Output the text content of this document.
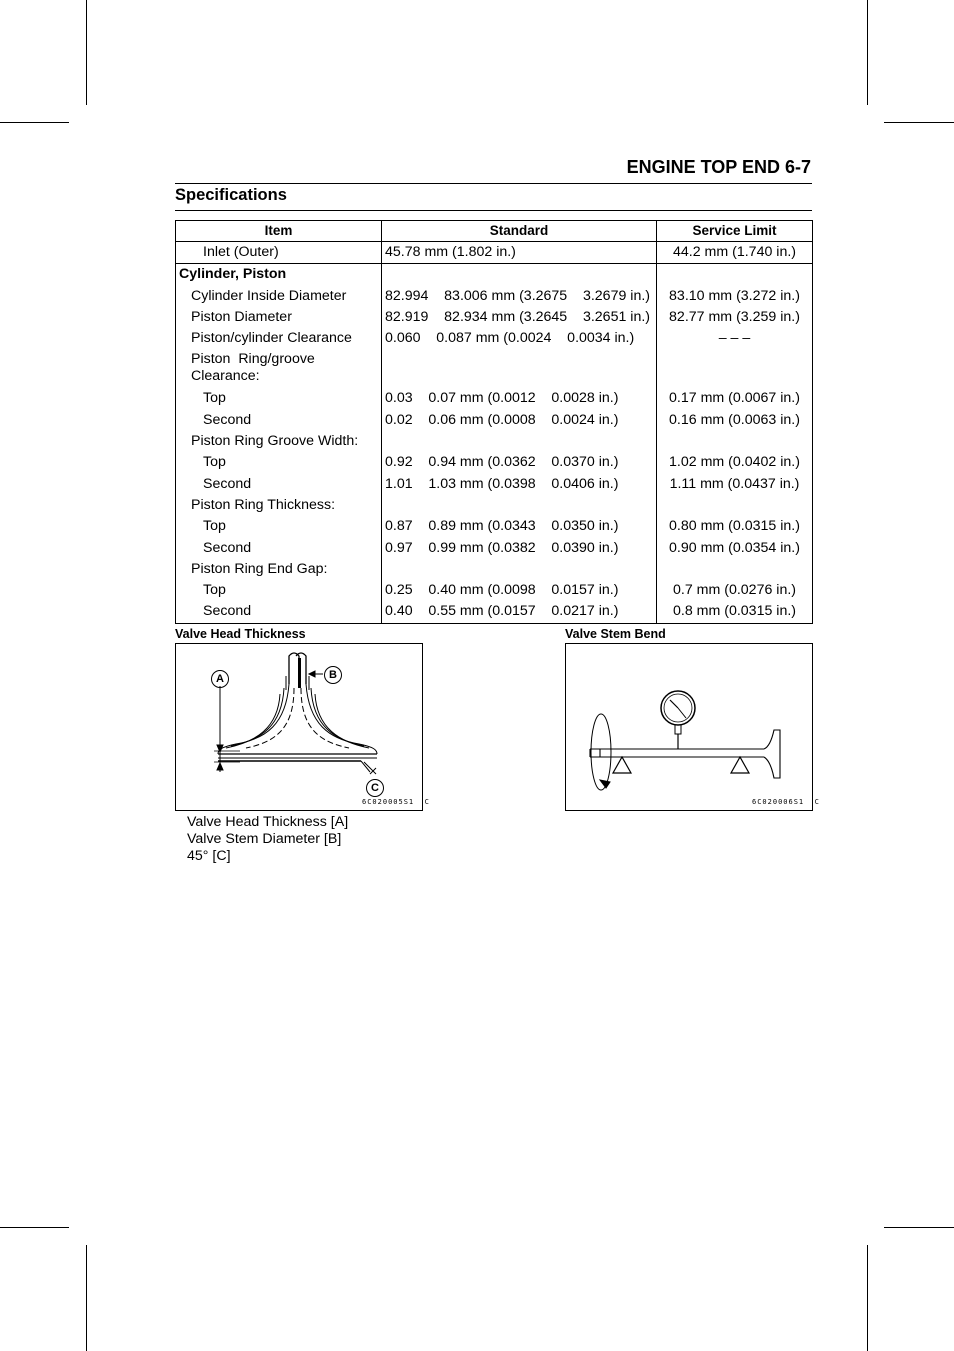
ENGINE TOP END 6-7
Specifications
Item	Standard	Service Limit
Inlet (Outer)	45.78 mm (1.802 in.)	44.2 mm (1.740 in.)
Cylinder, Piston		
Cylinder Inside Diameter	82.994    83.006 mm (3.2675    3.2679 in.)	83.10 mm (3.272 in.)
Piston Diameter	82.919    82.934 mm (3.2645    3.2651 in.)	82.77 mm (3.259 in.)
Piston/cylinder Clearance	0.060    0.087 mm (0.0024    0.0034 in.)	– – –
Piston  Ring/groove Clearance:		
Top	0.03    0.07 mm (0.0012    0.0028 in.)	0.17 mm (0.0067 in.)
Second	0.02    0.06 mm (0.0008    0.0024 in.)	0.16 mm (0.0063 in.)
Piston Ring Groove Width:		
Top	0.92    0.94 mm (0.0362    0.0370 in.)	1.02 mm (0.0402 in.)
Second	1.01    1.03 mm (0.0398    0.0406 in.)	1.11 mm (0.0437 in.)
Piston Ring Thickness:		
Top	0.87    0.89 mm (0.0343    0.0350 in.)	0.80 mm (0.0315 in.)
Second	0.97    0.99 mm (0.0382    0.0390 in.)	0.90 mm (0.0354 in.)
Piston Ring End Gap:		
Top	0.25    0.40 mm (0.0098    0.0157 in.)	0.7 mm (0.0276 in.)
Second	0.40    0.55 mm (0.0157    0.0217 in.)	0.8 mm (0.0315 in.)
Valve Head Thickness
A	B
C
6C020005S1  C
Valve Stem Bend
6C020006S1  C
Valve Head Thickness [A]
Valve Stem Diameter [B]
45° [C]
